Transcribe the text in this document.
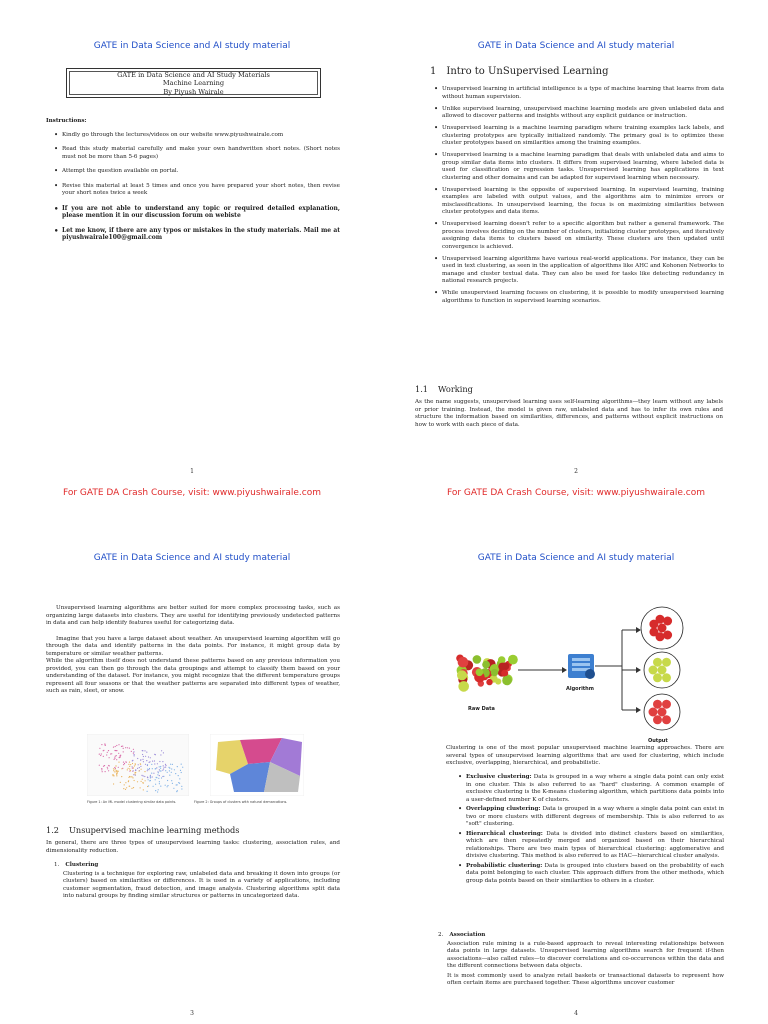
GATE in Data Science and AI study material
GATE in Data Science and AI Study Materials
Machine Learning
By Piyush Wairale
Instructions:
• Kindly go through the lectures/videos on our website www.piyushwairale.com
• Read this study material carefully and make your own handwritten short notes. (Short notes must not be more than 5-6 pages)
• Attempt the question available on portal.
• Revise this material at least 5 times and once you have prepared your short notes, then revise your short notes twice a week
• If you are not able to understand any topic or required detailed explanation, please mention it in our discussion forum on webiste
• Let me know, if there are any typos or mistakes in the study materials. Mail me at piyushwairale100@gmail.com
1
For GATE DA Crash Course, visit: www.piyushwairale.com
GATE in Data Science and AI study material
1 Intro to UnSupervised Learning
• Unsupervised learning in artificial intelligence is a type of machine learning that learns from data without human supervision.
• Unlike supervised learning, unsupervised machine learning models are given unlabeled data and allowed to discover patterns and insights without any explicit guidance or instruction.
• Unsupervised learning is a machine learning paradigm where training examples lack labels, and clustering prototypes are typically initialized randomly. The primary goal is to optimize these cluster prototypes based on similarities among the training examples.
• Unsupervised learning is a machine learning paradigm that deals with unlabeled data and aims to group similar data items into clusters. It differs from supervised learning, where labeled data is used for classification or regression tasks. Unsupervised learning has applications in text clustering and other domains and can be adapted for supervised learning when necessary.
• Unsupervised learning is the opposite of supervised learning. In supervised learning, training examples are labeled with output values, and the algorithms aim to minimize errors or misclassifications. In unsupervised learning, the focus is on maximizing similarities between cluster prototypes and data items.
• Unsupervised learning doesn't refer to a specific algorithm but rather a general framework. The process involves deciding on the number of clusters, initializing cluster prototypes, and iteratively assigning data items to clusters based on similarity. These clusters are then updated until convergence is achieved.
• Unsupervised learning algorithms have various real-world applications. For instance, they can be used in text clustering, as seen in the application of algorithms like AHC and Kohonen Networks to manage and cluster textual data. They can also be used for tasks like detecting redundancy in national research projects.
• While unsupervised learning focuses on clustering, it is possible to modify unsupervised learning algorithms to function in supervised learning scenarios.
1.1 Working
As the name suggests, unsupervised learning uses self-learning algorithms—they learn without any labels or prior training. Instead, the model is given raw, unlabeled data and has to infer its own rules and structure the information based on similarities, differences, and patterns without explicit instructions on how to work with each piece of data.
2
For GATE DA Crash Course, visit: www.piyushwairale.com
GATE in Data Science and AI study material

Unsupervised learning algorithms are better suited for more complex processing tasks, such as organizing large datasets into clusters. They are useful for identifying previously undetected patterns in data and can help identify features useful for categorizing data.

Imagine that you have a large dataset about weather. An unsupervised learning algorithm will go through the data and identify patterns in the data points. For instance, it might group data by temperature or similar weather patterns.

While the algorithm itself does not understand these patterns based on any previous information you provided, you can then go through the data groupings and attempt to classify them based on your understanding of the dataset. For instance, you might recognize that the different temperature groups represent all four seasons or that the weather patterns are separated into different types of weather, such as rain, sleet, or snow.

Figure 1: An ML model clustering similar data points.	Figure 2: Groups of clusters with natural demarcations.
1.2 Unsupervised machine learning methods
In general, there are three types of unsupervised learning tasks: clustering, association rules, and dimensionality reduction.
1. Clustering
Clustering is a technique for exploring raw, unlabeled data and breaking it down into groups (or clusters) based on similarities or differences. It is used in a variety of applications, including customer segmentation, fraud detection, and image analysis. Clustering algorithms split data into natural groups by finding similar structures or patterns in uncategorized data.
3
GATE in Data Science and AI study material
Raw Data
Algorithm
Output
Clustering is one of the most popular unsupervised machine learning approaches. There are several types of unsupervised learning algorithms that are used for clustering, which include exclusive, overlapping, hierarchical, and probabilistic.
• Exclusive clustering: Data is grouped in a way where a single data point can only exist in one cluster. This is also referred to as "hard" clustering. A common example of exclusive clustering is the K-means clustering algorithm, which partitions data points into a user-defined number K of clusters.
• Overlapping clustering: Data is grouped in a way where a single data point can exist in two or more clusters with different degrees of membership. This is also referred to as "soft" clustering.
• Hierarchical clustering: Data is divided into distinct clusters based on similarities, which are then repeatedly merged and organized based on their hierarchical relationships. There are two main types of hierarchical clustering: agglomerative and divisive clustering. This method is also referred to as HAC—hierarchical cluster analysis.
• Probabilistic clustering: Data is grouped into clusters based on the probability of each data point belonging to each cluster. This approach differs from the other methods, which group data points based on their similarities to others in a cluster.
2. Association
Association rule mining is a rule-based approach to reveal interesting relationships between data points in large datasets. Unsupervised learning algorithms search for frequent if-then associations—also called rules—to discover correlations and co-occurrences within the data and the different connections between data objects.
It is most commonly used to analyze retail baskets or transactional datasets to represent how often certain items are purchased together. These algorithms uncover customer
4
